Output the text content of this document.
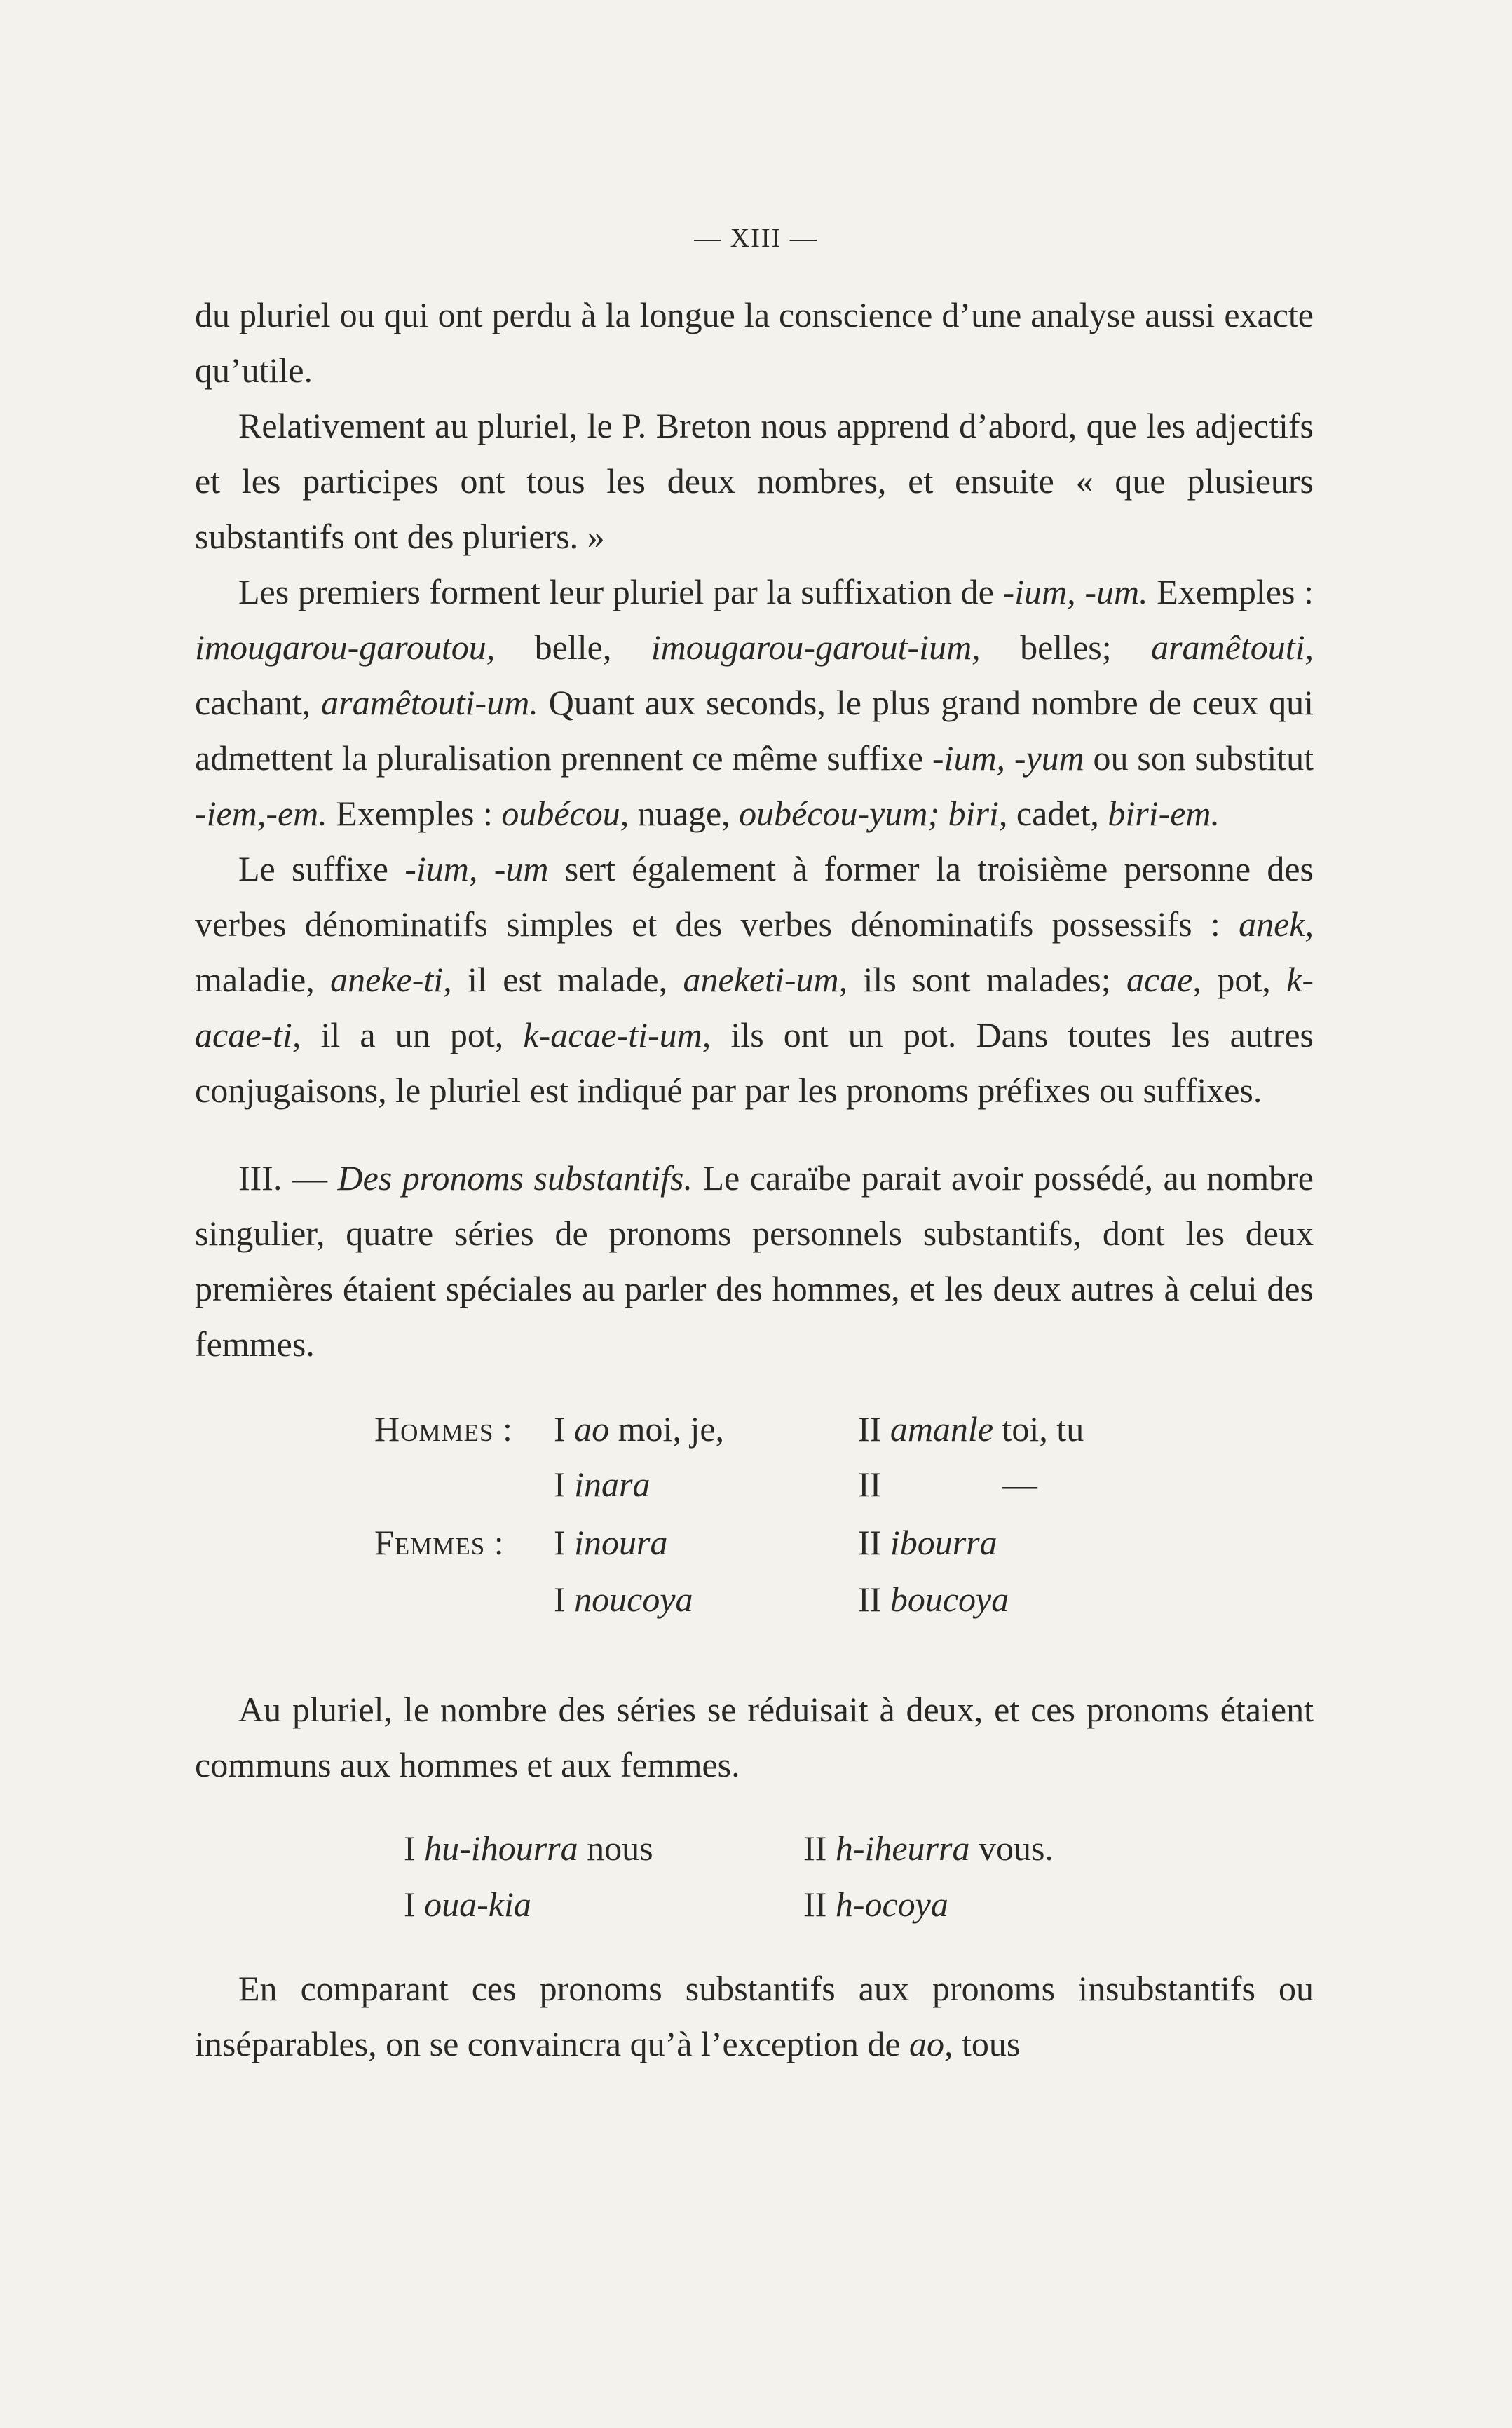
— XIII —

du pluriel ou qui ont perdu à la longue la conscience d’une analyse aussi exacte qu’utile.

Relativement au pluriel, le P. Breton nous apprend d’abord, que les adjectifs et les participes ont tous les deux nombres, et ensuite « que plusieurs substantifs ont des pluriers. »

Les premiers forment leur pluriel par la suffixation de -ium, -um. Exemples : imougarou-garoutou, belle, imougarou-garout-ium, belles; aramêtouti, cachant, aramêtouti-um. Quant aux seconds, le plus grand nombre de ceux qui admettent la pluralisation prennent ce même suffixe -ium, -yum ou son substitut -iem,-em. Exemples : oubécou, nuage, oubécou-yum; biri, cadet, biri-em.

Le suffixe -ium, -um sert également à former la troisième personne des verbes dénominatifs simples et des verbes dénominatifs possessifs : anek, maladie, aneke-ti, il est malade, aneketi-um, ils sont malades; acae, pot, k-acae-ti, il a un pot, k-acae-ti-um, ils ont un pot. Dans toutes les autres conjugaisons, le pluriel est indiqué par par les pronoms préfixes ou suffixes.

III. — Des pronoms substantifs. Le caraïbe parait avoir possédé, au nombre singulier, quatre séries de pronoms personnels substantifs, dont les deux premières étaient spéciales au parler des hommes, et les deux autres à celui des femmes.

Hommes : I ao moi, je,	II amanle toi, tu
I inara	II	—
Femmes : I inoura	II ibourra
I noucoya	II boucoya

Au pluriel, le nombre des séries se réduisait à deux, et ces pronoms étaient communs aux hommes et aux femmes.

I hu-ihourra nous	II h-iheurra vous.
I oua-kia	II h-ocoya

En comparant ces pronoms substantifs aux pronoms insubstantifs ou inséparables, on se convaincra qu’à l’exception de ao, tous
